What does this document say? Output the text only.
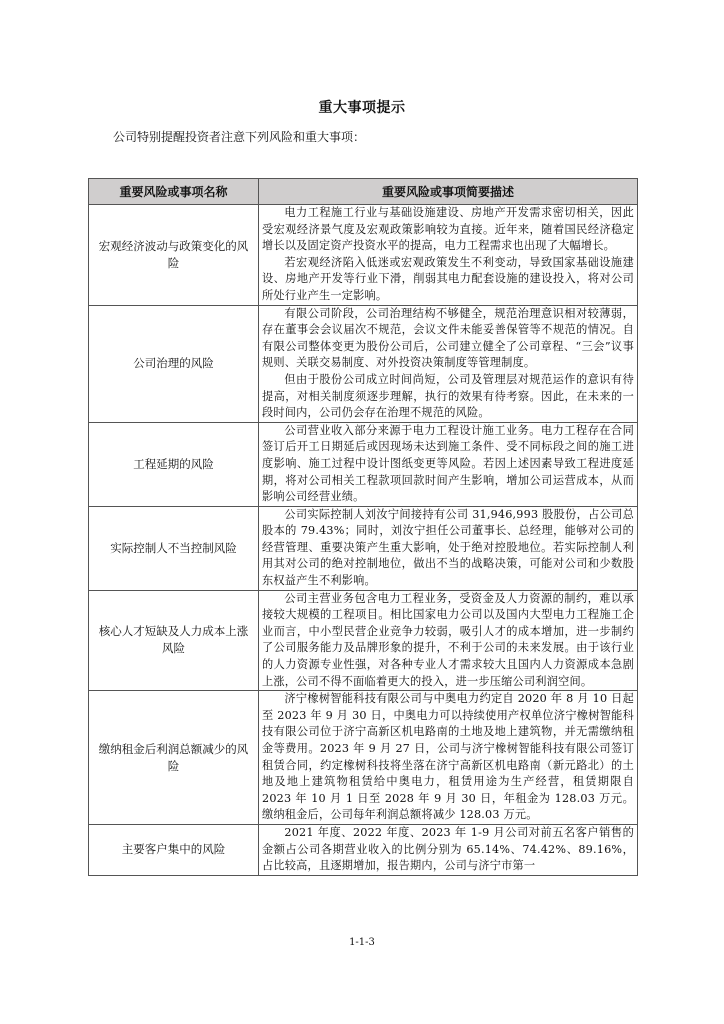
重大事项提示
公司特别提醒投资者注意下列风险和重大事项：
重要风险或事项名称	重要风险或事项简要描述
宏观经济波动与政策变化的风险	电力工程施工行业与基础设施建设、房地产开发需求密切相关，因此受宏观经济景气度及宏观政策影响较为直接。近年来，随着国民经济稳定增长以及固定资产投资水平的提高，电力工程需求也出现了大幅增长。

若宏观经济陷入低迷或宏观政策发生不利变动，导致国家基础设施建设、房地产开发等行业下滑，削弱其电力配套设施的建设投入，将对公司所处行业产生一定影响。

公司治理的风险	有限公司阶段，公司治理结构不够健全，规范治理意识相对较薄弱，存在董事会会议届次不规范，会议文件未能妥善保管等不规范的情况。自有限公司整体变更为股份公司后，公司建立健全了公司章程、“三会”议事规则、关联交易制度、对外投资决策制度等管理制度。

但由于股份公司成立时间尚短，公司及管理层对规范运作的意识有待提高，对相关制度须逐步理解，执行的效果有待考察。因此，在未来的一段时间内，公司仍会存在治理不规范的风险。

工程延期的风险	公司营业收入部分来源于电力工程设计施工业务。电力工程存在合同签订后开工日期延后或因现场未达到施工条件、受不同标段之间的施工进度影响、施工过程中设计图纸变更等风险。若因上述因素导致工程进度延期，将对公司相关工程款项回款时间产生影响，增加公司运营成本，从而影响公司经营业绩。

实际控制人不当控制风险	公司实际控制人刘汝宁间接持有公司 31,946,993 股股份，占公司总股本的 79.43%；同时，刘汝宁担任公司董事长、总经理，能够对公司的经营管理、重要决策产生重大影响，处于绝对控股地位。若实际控制人利用其对公司的绝对控制地位，做出不当的战略决策，可能对公司和少数股东权益产生不利影响。

核心人才短缺及人力成本上涨风险	公司主营业务包含电力工程业务，受资金及人力资源的制约，难以承接较大规模的工程项目。相比国家电力公司以及国内大型电力工程施工企业而言，中小型民营企业竞争力较弱，吸引人才的成本增加，进一步制约了公司服务能力及品牌形象的提升，不利于公司的未来发展。由于该行业的人力资源专业性强，对各种专业人才需求较大且国内人力资源成本急剧上涨，公司不得不面临着更大的投入，进一步压缩公司利润空间。

缴纳租金后利润总额减少的风险	济宁橡树智能科技有限公司与中奥电力约定自 2020 年 8 月 10 日起至 2023 年 9 月 30 日，中奥电力可以持续使用产权单位济宁橡树智能科技有限公司位于济宁高新区机电路南的土地及地上建筑物，并无需缴纳租金等费用。2023 年 9 月 27 日，公司与济宁橡树智能科技有限公司签订租赁合同，约定橡树科技将坐落在济宁高新区机电路南（新元路北）的土地及地上建筑物租赁给中奥电力，租赁用途为生产经营，租赁期限自 2023 年 10 月 1 日至 2028 年 9 月 30 日，年租金为 128.03 万元。缴纳租金后，公司每年利润总额将减少 128.03 万元。

主要客户集中的风险	2021 年度、2022 年度、2023 年 1-9 月公司对前五名客户销售的金额占公司各期营业收入的比例分别为 65.14%、74.42%、89.16%，占比较高，且逐期增加，报告期内，公司与济宁市第一

1-1-3
